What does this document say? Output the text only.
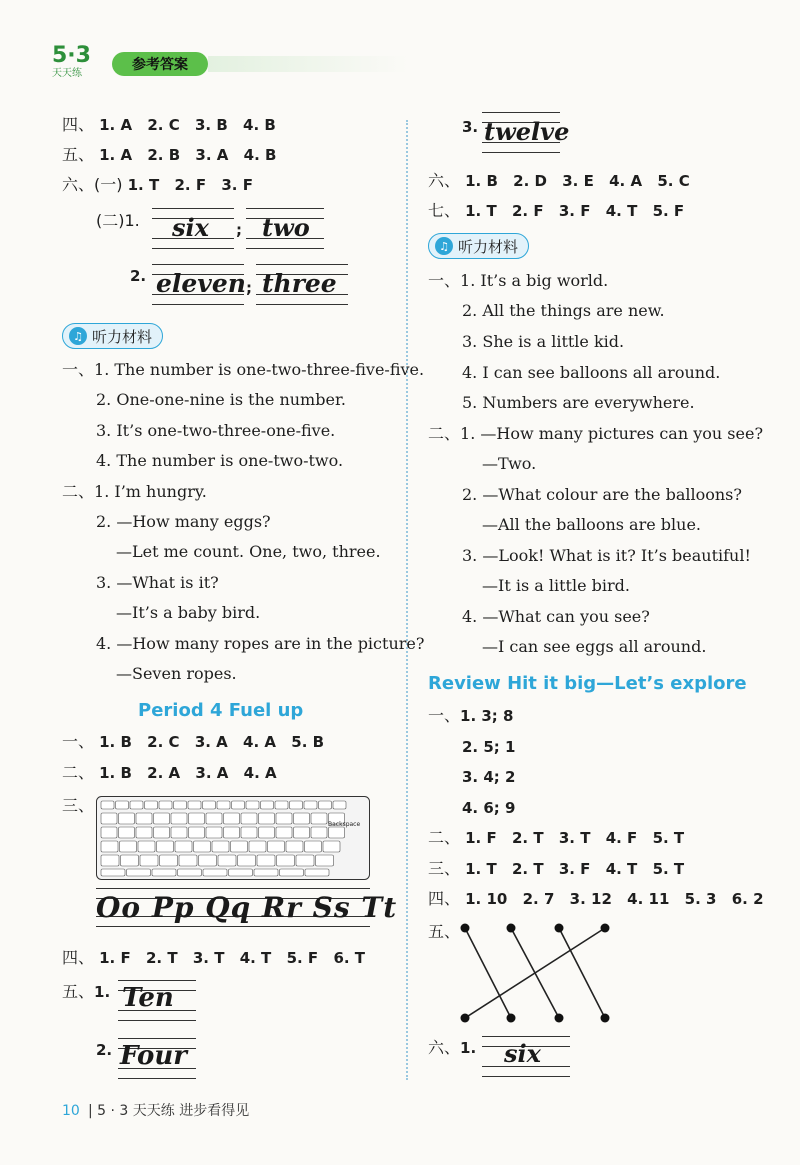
5·3
天天练
参考答案
四、 1. A 2. C 3. B 4. B
五、 1. A 2. B 3. A 4. B
六、(一) 1. T 2. F 3. F
(二)1. six ; two
2. eleven ; three
♫ 听力材料
一、1. The number is one-two-three-five-five.
2. One-one-nine is the number.
3. It’s one-two-three-one-five.
4. The number is one-two-two.
二、1. I’m hungry.
2. —How many eggs?
—Let me count. One, two, three.
3. —What is it?
—It’s a baby bird.
4. —How many ropes are in the picture?
—Seven ropes.
Period 4 Fuel up
一、 1. B 2. C 3. A 4. A 5. B
二、 1. B 2. A 3. A 4. A
三、
Backspace
Oo Pp Qq Rr Ss Tt
四、 1. F 2. T 3. T 4. T 5. F 6. T
五、1. Ten
2. Four
3. twelve
六、 1. B 2. D 3. E 4. A 5. C
七、 1. T 2. F 3. F 4. T 5. F
♫ 听力材料
一、1. It’s a big world.
2. All the things are new.
3. She is a little kid.
4. I can see balloons all around.
5. Numbers are everywhere.
二、1. —How many pictures can you see?
—Two.
2. —What colour are the balloons?
—All the balloons are blue.
3. —Look! What is it? It’s beautiful!
—It is a little bird.
4. —What can you see?
—I can see eggs all around.
Review Hit it big—Let’s explore
一、1. 3; 8
2. 5; 1
3. 4; 2
4. 6; 9
二、 1. F 2. T 3. T 4. F 5. T
三、 1. T 2. T 3. F 4. T 5. T
四、 1. 10 2. 7 3. 12 4. 11 5. 3 6. 2
五、
六、1. six
10 | 5 · 3 天天练 进步看得见
